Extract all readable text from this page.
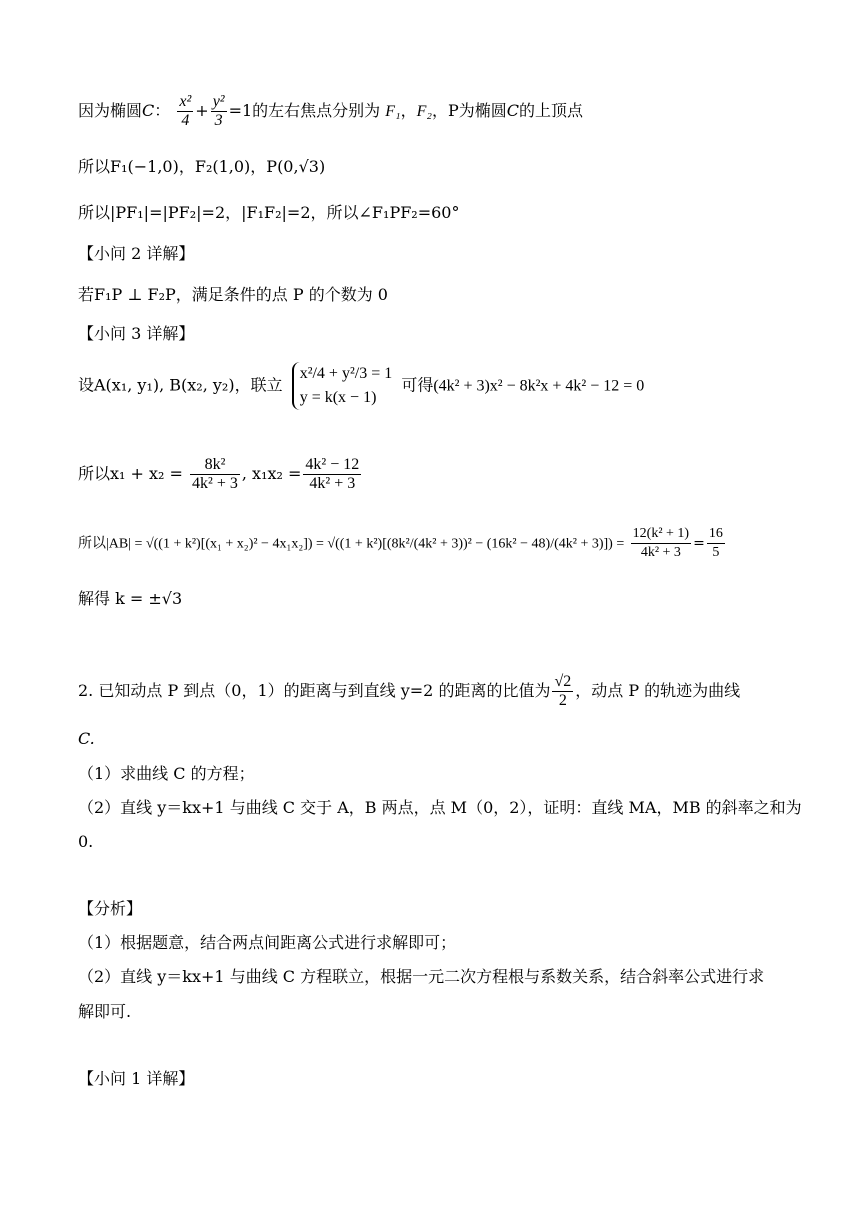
因为椭圆C： $\frac{\text{x²}}{4} + \frac{\text{y²}}{3} =1$的左右焦点分别为 F₁，F₂，P为椭圆C的上顶点
所以F₁(−1,0)，F₂(1,0)，P(0,√3)
所以|PF₁|=|PF₂|=2，|F₁F₂|=2，所以∠F₁PF₂=60°
【小问 2 详解】
若F₁P ⊥ F₂P，满足条件的点 P 的个数为 0
【小问 3 详解】
设A(x₁, y₁), B(x₂, y₂)，联立
x²/4 + y²/3 = 1
y = k(x − 1)
可得(4k² + 3)x² − 8k²x + 4k² − 12 = 0
所以$x_1 + x_2 = \frac{\text{8k²}}{\text{4k² + 3}}$ , $x_1x_2 = \frac{\text{4k² − 12}}{\text{4k² + 3}}$
所以$|AB| = √((1 + k^2)[(x_1 + x_2)^2 - 4x_1x_2]) = √((1 + k^2)[(8k^2/(4k^2 + 3))^2 - (16k^2 - 48)/(4k^2 + 3)]) = \frac{\text{12(k² + 1)}}{\text{4k² + 3}} = \frac{16}{5}$
解得 k = ±√3
2. 已知动点 P 到点（0，1）的距离与到直线 y=2 的距离的比值为 $\frac{√2}{2}$ ，动点 P 的轨迹为曲线
C.
（1）求曲线 C 的方程；
（2）直线 y＝kx+1 与曲线 C 交于 A，B 两点，点 M（0，2），证明：直线 MA，MB 的斜率之和为
0.
【分析】
（1）根据题意，结合两点间距离公式进行求解即可；
（2）直线 y＝kx+1 与曲线 C 方程联立，根据一元二次方程根与系数关系，结合斜率公式进行求
解即可.
【小问 1 详解】
